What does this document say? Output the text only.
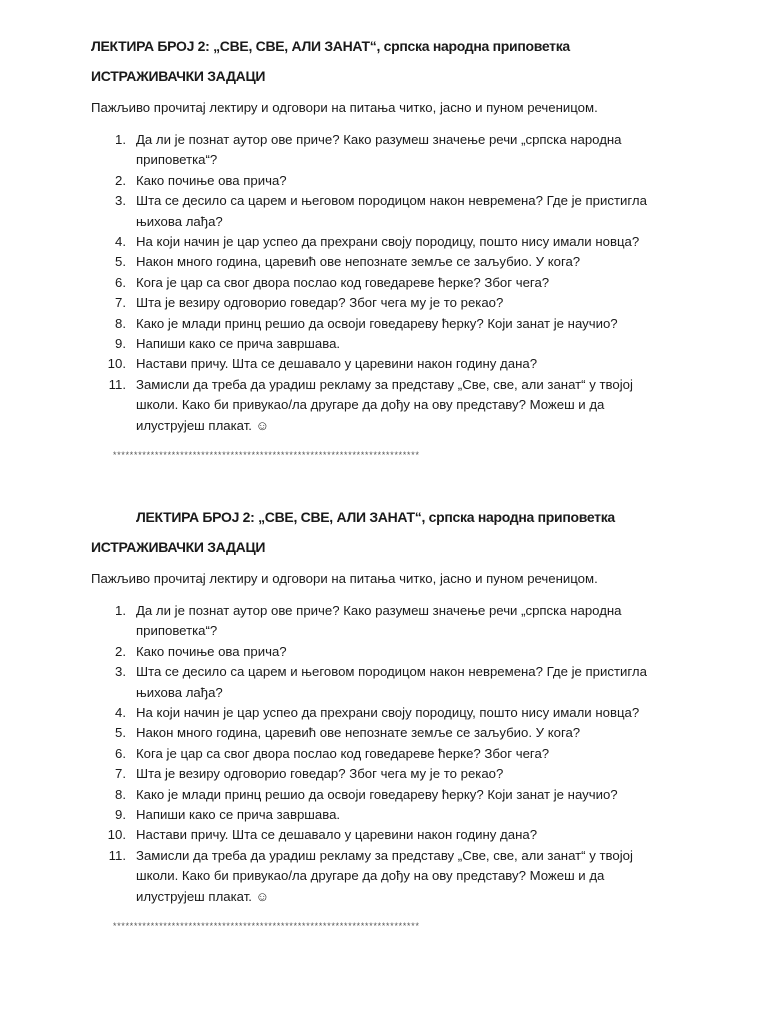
ЛЕКТИРА БРОЈ 2: „СВЕ, СВЕ, АЛИ ЗАНАТ“, српска народна приповетка
ИСТРАЖИВАЧКИ ЗАДАЦИ

Пажљиво прочитај лектиру и одговори на питања читко, јасно и пуном реченицом.

1. Да ли је познат аутор ове приче? Како разумеш значење речи „српска народна приповетка“?
2. Како почиње ова прича?
3. Шта се десило са царем и његовом породицом након невремена? Где је пристигла њихова лађа?
4. На који начин је цар успео да прехрани своју породицу, пошто нису имали новца?
5. Након много година, царевић ове непознате земље се заљубио. У кога?
6. Кога је цар са свог двора послао код говедареве ћерке? Због чега?
7. Шта је везиру одговорио говедар? Због чега му је то рекао?
8. Како је млади принц решио да освоји говедареву ћерку? Који занат је научио?
9. Напиши како се прича завршава.
10. Настави причу. Шта се дешавало у царевини након годину дана?
11. Замисли да треба да урадиш рекламу за представу „Све, све, али занат“ у твојој школи. Како би привукао/ла другаре да дођу на ову представу? Можеш и да илуструјеш плакат. ☺
*************************************************************************
ЛЕКТИРА БРОЈ 2: „СВЕ, СВЕ, АЛИ ЗАНАТ“, српска народна приповетка
ИСТРАЖИВАЧКИ ЗАДАЦИ

Пажљиво прочитај лектиру и одговори на питања читко, јасно и пуном реченицом.

1. Да ли је познат аутор ове приче? Како разумеш значење речи „српска народна приповетка“?
2. Како почиње ова прича?
3. Шта се десило са царем и његовом породицом након невремена? Где је пристигла њихова лађа?
4. На који начин је цар успео да прехрани своју породицу, пошто нису имали новца?
5. Након много година, царевић ове непознате земље се заљубио. У кога?
6. Кога је цар са свог двора послао код говедареве ћерке? Због чега?
7. Шта је везиру одговорио говедар? Због чега му је то рекао?
8. Како је млади принц решио да освоји говедареву ћерку? Који занат је научио?
9. Напиши како се прича завршава.
10. Настави причу. Шта се дешавало у царевини након годину дана?
11. Замисли да треба да урадиш рекламу за представу „Све, све, али занат“ у твојој школи. Како би привукао/ла другаре да дођу на ову представу? Можеш и да илуструјеш плакат. ☺
*************************************************************************
